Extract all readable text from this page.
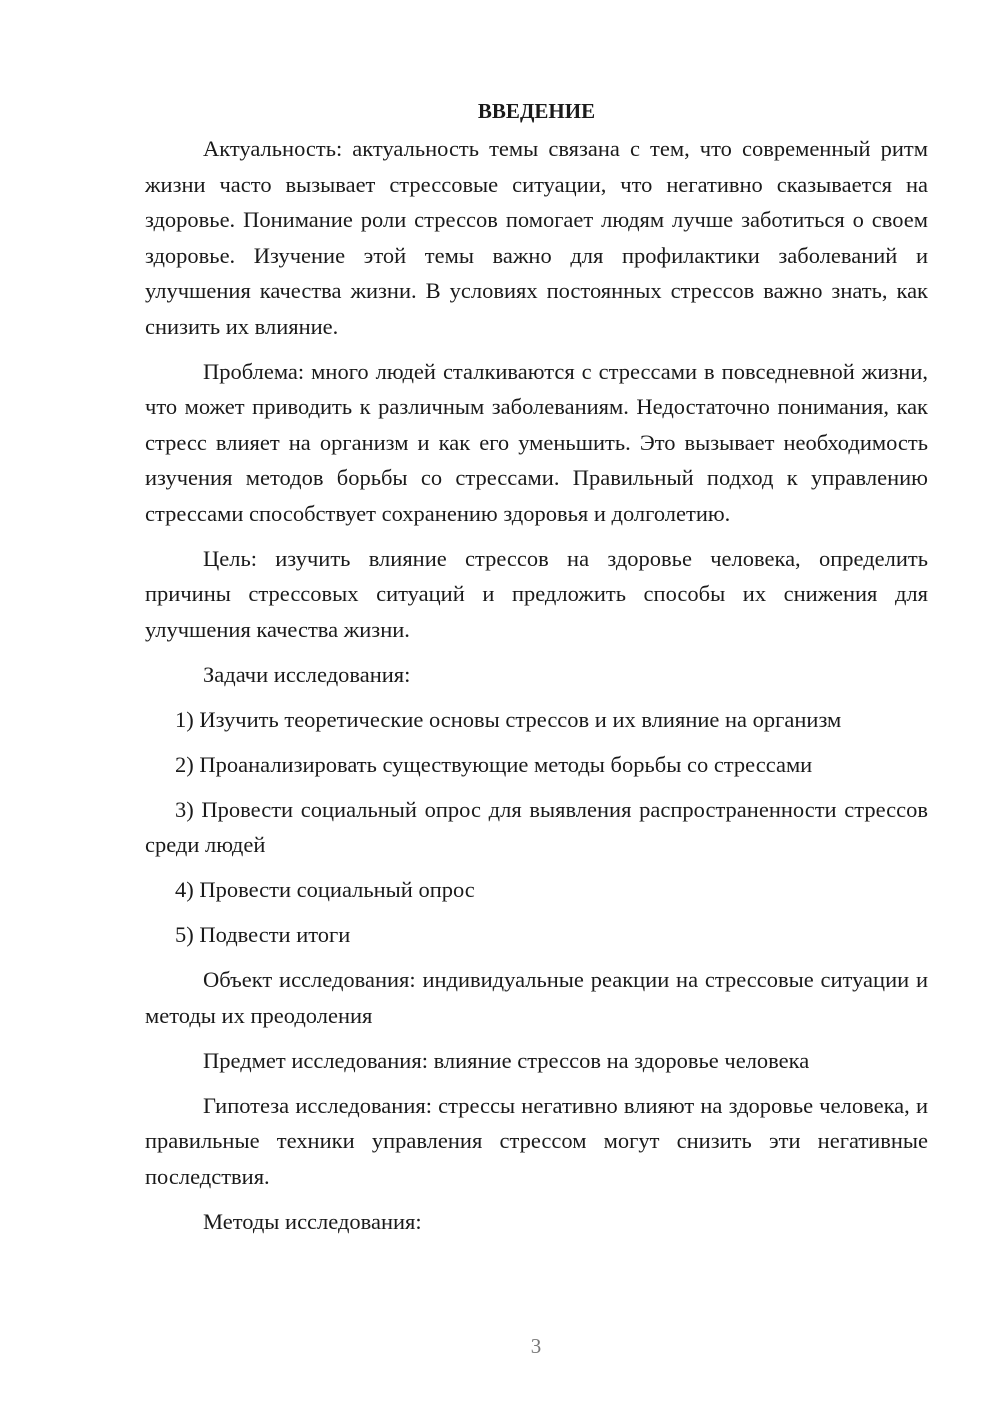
ВВЕДЕНИЕ

Актуальность: актуальность темы связана с тем, что современный ритм жизни часто вызывает стрессовые ситуации, что негативно сказывается на здоровье. Понимание роли стрессов помогает людям лучше заботиться о своем здоровье. Изучение этой темы важно для профилактики заболеваний и улучшения качества жизни. В условиях постоянных стрессов важно знать, как снизить их влияние.

Проблема: много людей сталкиваются с стрессами в повседневной жизни, что может приводить к различным заболеваниям. Недостаточно понимания, как стресс влияет на организм и как его уменьшить. Это вызывает необходимость изучения методов борьбы со стрессами. Правильный подход к управлению стрессами способствует сохранению здоровья и долголетию.

Цель: изучить влияние стрессов на здоровье человека, определить причины стрессовых ситуаций и предложить способы их снижения для улучшения качества жизни.

Задачи исследования:

1) Изучить теоретические основы стрессов и их влияние на организм

2) Проанализировать существующие методы борьбы со стрессами

3) Провести социальный опрос для выявления распространенности стрессов среди людей

4) Провести социальный опрос

5) Подвести итоги

Объект исследования: индивидуальные реакции на стрессовые ситуации и методы их преодоления

Предмет исследования: влияние стрессов на здоровье человека

Гипотеза исследования: стрессы негативно влияют на здоровье человека, и правильные техники управления стрессом могут снизить эти негативные последствия.

Методы исследования:

3
